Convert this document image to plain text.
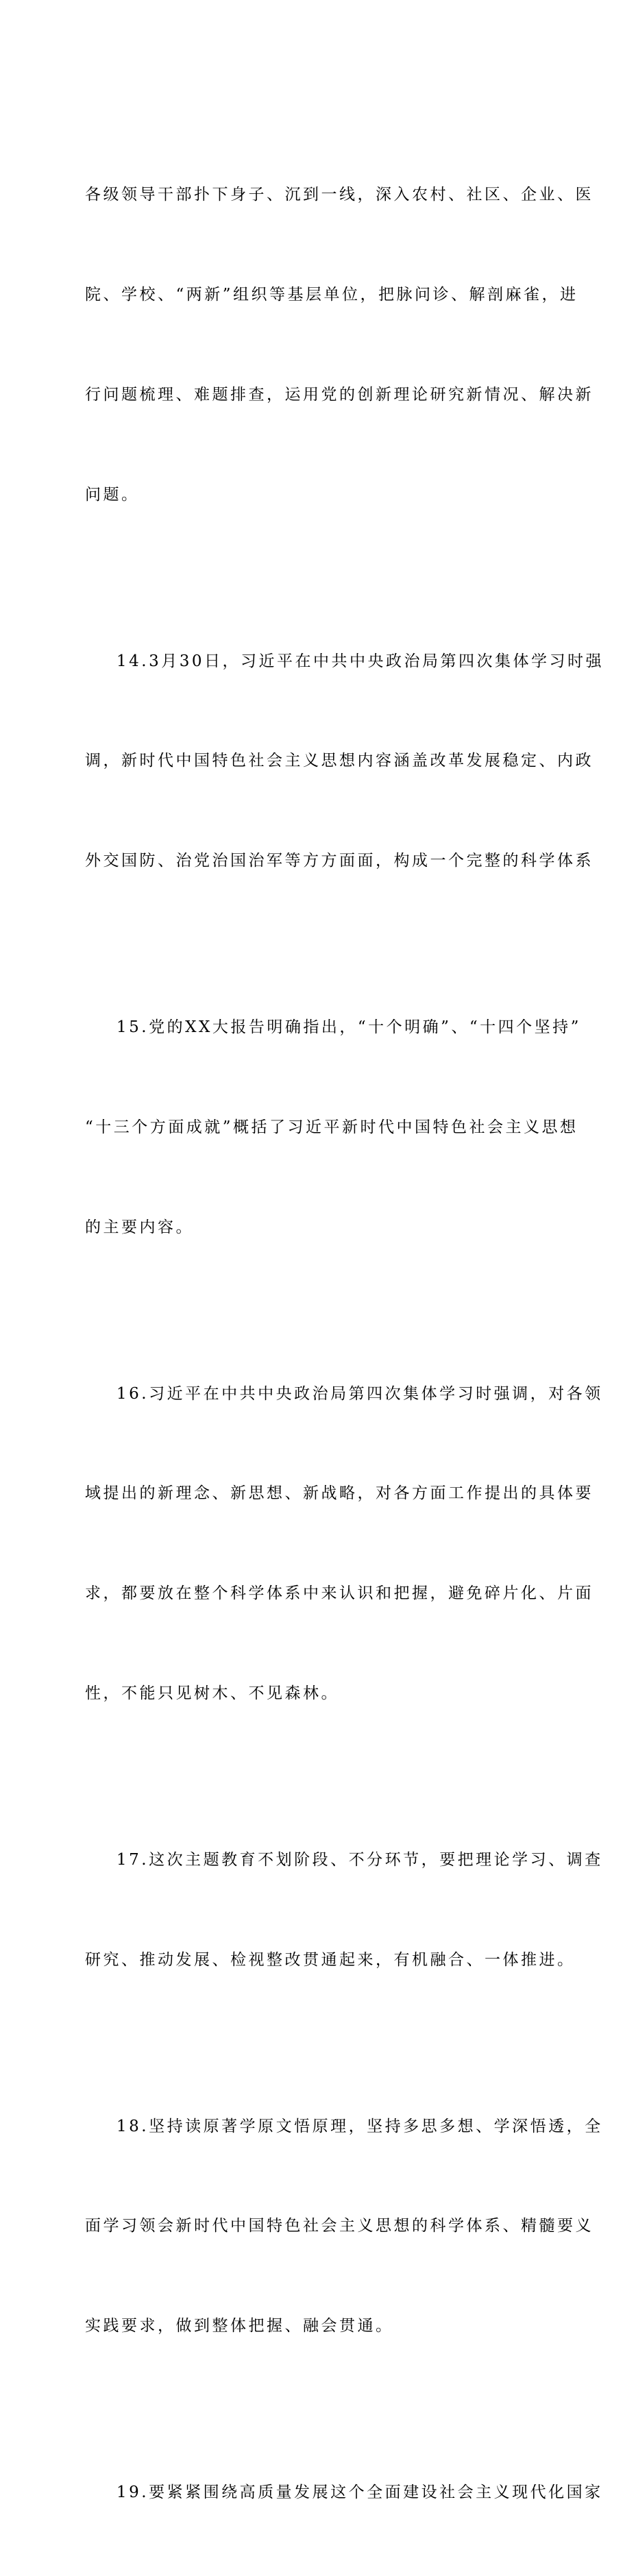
各级领导干部扑下身子、沉到一线，深入农村、社区、企业、医

院、学校、“两新”组织等基层单位，把脉问诊、解剖麻雀，进

行问题梳理、难题排查，运用党的创新理论研究新情况、解决新

问题。

14.3月30日，习近平在中共中央政治局第四次集体学习时强

调，新时代中国特色社会主义思想内容涵盖改革发展稳定、内政

外交国防、治党治国治军等方方面面，构成一个完整的科学体系

15.党的XX大报告明确指出，“十个明确”、“十四个坚持”

“十三个方面成就”概括了习近平新时代中国特色社会主义思想

的主要内容。

16.习近平在中共中央政治局第四次集体学习时强调，对各领

域提出的新理念、新思想、新战略，对各方面工作提出的具体要

求，都要放在整个科学体系中来认识和把握，避免碎片化、片面

性，不能只见树木、不见森林。

17.这次主题教育不划阶段、不分环节，要把理论学习、调查

研究、推动发展、检视整改贯通起来，有机融合、一体推进。

18.坚持读原著学原文悟原理，坚持多思多想、学深悟透，全

面学习领会新时代中国特色社会主义思想的科学体系、精髓要义

实践要求，做到整体把握、融会贯通。

19.要紧紧围绕高质量发展这个全面建设社会主义现代化国家
